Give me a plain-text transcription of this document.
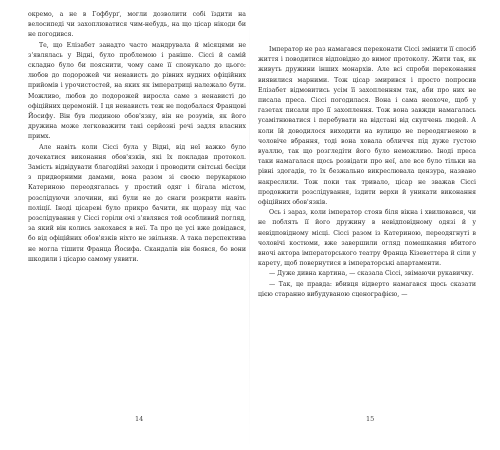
окремо, а не в Гофбурґ, могли дозволити собі їздити на велосипеді чи захоплюватися чим-небудь, на що цісар нікоди би не погодився.

Те, що Елізабет занадто часто мандрувала й місяцями не з'являлась у Відні, було проблемою і раніше. Сіссі й самій складно було би пояснити, чому саме її спонукало до цього: любов до подорожей чи ненависть до рівних нудних офіційних прийомів і урочистостей, на яких як імператриці належало бути. Можливо, любов до подорожей виросла саме з ненависті до офіційних церемоній. І ця ненависть теж не подобалася Францові Йосифу. Він був людиною обов'язку, він не розумів, як його дружина може легковажити такі серйозні речі задля власних примх.

Але навіть коли Сіссі була у Відні, від неї важко було дочекатися виконання обов'язків, які їх покладав протокол. Замість відвідувати благодійні заходи і проводити світські бесіди з придворними дамами, вона разом зі своєю перукаркою Катериною переодягалась у простий одяг і бігала містом, розслідуючи злочини, які були не до снаги розкрити навіть поліції. Іноді цісареві було прикро бачити, як щоразу під час розслідування у Сіссі горіли очі з'являвся той особливий погляд, за який він колись закохався в неї. Та про це усі вже довідався, бо від офіційних обов'язків ніхто не звільняв. А така перспектива не могла тішити Франца Йосифа. Скандалів він боявся, бо вони шкодили і цісарю самому уявити.

14

Імператор не раз намагався переконати Сіссі змінити її спосіб життя і поводитися відповідно до вимог протоколу. Жити так, як живуть дружини інших монархів. Але всі спроби переконання виявилися марними. Тож цісар змирився і просто попросив Елізабет відмовитись усім її захопленням так, аби про них не писала преса. Сіссі погодилася. Вона і сама неохоче, щоб у газетах писали про її захоплення. Тож вона завжди намагалась усамітнюватися і перебувати на відстані від скупчень людей. А коли їй доводилося виходити на вулицю не переодягненою в чоловіче вбрання, тоді вона ховала обличчя під дуже густою вуаллю, так що розгледіти його було неможливо. Іноді преса таки намагалася щось розвідати про неї, але все було тільки на рівні здогадів, то їх безжально викреслювала цензура, названо накреслили. Тож поки так тривало, цісар не зважав Сіссі продовжити розслідування, іздити верхи й уникати виконання офіційних обов'язків.

Ось і зараз, коли імператор стояв біля вікна і хвилювався, чи не поблять її його дружину в невідповідному одязі й у невідповідному місці. Сіссі разом із Катериною, переодягнуті в чоловічі костюми, вже завершили огляд помешкання вбитого вночі актора імператорського театру Франца Кізеветтера й сіли у карету, щоб повернутися в імператорські апартаменти.

— Дуже дивна картина, — сказала Сіссі, звімаючи рукавичку.

— Так, це правда: вбивця відверто намагався щось сказати цією старанно вибудуваною сценографією, —

15
